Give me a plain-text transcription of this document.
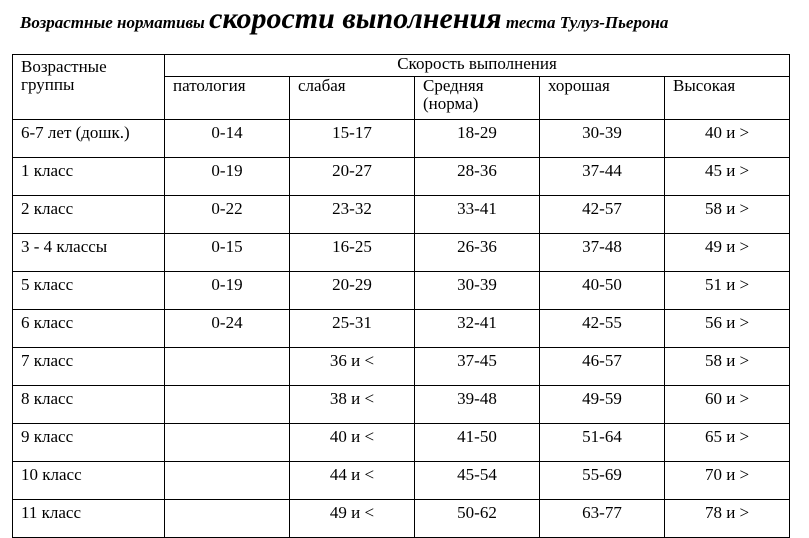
Возрастные нормативы скорости выполнения теста Тулуз-Пьерона
Возрастные группы	Скорость выполнения				
	патология	слабая	Средняя (норма)	хорошая	Высокая
6-7 лет (дошк.)	0-14	15-17	18-29	30-39	40 и >
1 класс	0-19	20-27	28-36	37-44	45 и >
2 класс	0-22	23-32	33-41	42-57	58 и >
3 - 4 классы	0-15	16-25	26-36	37-48	49 и >
5 класс	0-19	20-29	30-39	40-50	51 и >
6 класс	0-24	25-31	32-41	42-55	56 и >
7 класс		36 и <	37-45	46-57	58 и >
8 класс		38 и <	39-48	49-59	60 и >
9 класс		40 и <	41-50	51-64	65 и >
10 класс		44 и <	45-54	55-69	70 и >
11 класс		49 и <	50-62	63-77	78 и >
